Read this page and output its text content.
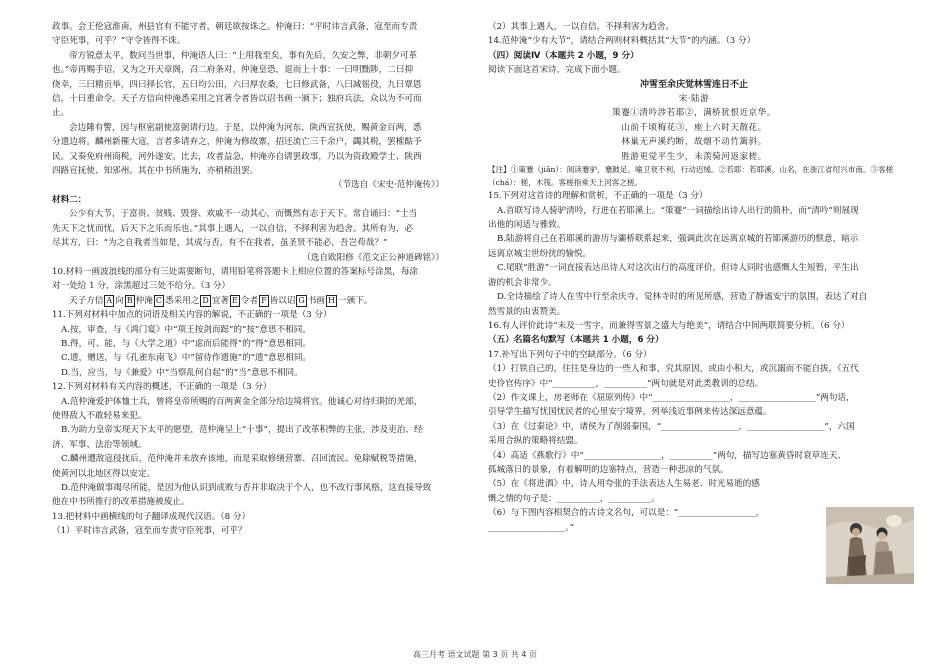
政事。会王伦寇淮南，州县官有不能守者，朝廷欲按诛之。仲淹曰：“平时讳言武备，寇至而专责
守臣死事，可乎？”守令皆得不诛。
帝方锐意太平，数问当世事，仲淹语人曰：“上用我至矣，事有先后，久安之弊，非朝夕可革
也。”帝再赐手诏，又为之开天章阁，召二府条对，仲淹皇恐，退而上十事：一曰明黜陟，二曰抑
侥幸，三曰精贡举，四曰择长官，五曰均公田，六曰厚农桑，七曰修武备，八曰减徭役，九曰覃恩
信，十曰重命令。天子方信向仲淹悉采用之宜著令者皆以诏书画一颁下；独府兵法，众以为不可而
止。
会边陲有警，因与枢密副使富弼请行边。于是，以仲淹为河东、陕西宣抚使，赐黄金百两，悉
分遗边将。麟州新罹大寇，言者多请弃之，仲淹为修故寨，招还流亡三千余户，蠲其税，罢榷酤予
民。又奏免府州商税，河外遂安。比去，攻者益急，仲淹亦自请罢政事，乃以为资政殿学士、陕西
四路宣抚使、知邠州。其在中书所施为，亦稍稍沮罢。
（节选自《宋史·范仲淹传》）
材料二：
公少有大节，于富贵、贫贱、毁誉、欢戚不一动其心，而慨然有志于天下。常自诵曰：“士当
先天下之忧而忧，后天下之乐而乐也。”其事上遇人，一以自信，不择利害为趋舍。其所有为，必
尽其方，曰：“为之自我者当如是，其成与否，有不在我者，虽圣贤不能必，吾岂苟哉？”
（选自欧阳修《范文正公神道碑铭》）
10.材料一画波浪线的部分有三处需要断句，请用铅笔将答题卡上相应位置的答案标号涂黑，每涂
对一处给 1 分，涂黑超过三处不给分。（3 分）
天子方信 A 向 B 仲淹 C 悉采用之 D 宜著 E 令者 F 皆以诏 G 书画 H 一颁下。
11.下列对材料中加点的词语及相关内容的解说，不正确的一项是（3 分）
A.按，审查，与《鸿门宴》中“项王按剑而跽”的“按”意思不相同。
B.得，可、能，与《大学之道》中“虑而后能得”的“得”意思相同。
C.遗，赠送，与《孔雀东南飞》中“留待作遗施”的“遗”意思相同。
D.当，应当，与《兼爱》中“当察乱何自起”的“当”意思不相同。
12.下列对材料有关内容的概述，不正确的一项是（3 分）
A.范仲淹爱护体恤士兵，曾将皇帝所赐的百两黄金全部分给边境将官。他诚心对待归附的羌部，
使得敌人不敢轻易来犯。
B.为助力皇帝实现天下太平的愿望，范仲淹呈上“十事”，提出了改革积弊的主张，涉及吏治、经
济、军事、法治等领域。
C.麟州遭敌寇侵扰后，范仲淹并未放弃该地，而是采取修缮营寨、召回流民、免除赋税等措施，
使黄河以北地区得以安定。
D.范仲淹做事竭尽所能，是因为他认识到成败与否并非取决于个人，也不改行事风格，这直接导致
他在中书所推行的改革措施被废止。
13.把材料中画横线的句子翻译成现代汉语。（8 分）
（1）平时讳言武备，寇至而专责守臣死事，可乎？
（2）其事上遇人，一以自信，不择利害为趋舍。
14.范仲淹“少有大节”，请结合两则材料概括其“大节”的内涵。（3 分）
（四）阅读Ⅳ（本题共 2 小题，9 分）
阅读下面这首宋诗，完成下面小题。
冲雪至余庆觉林雪连日不止
宋·陆游
策蹇①清吟涉若耶②，满桥犹恨近京华。
山前千顷梅花③，座上六时天散花。
林巢无声溪约断，故烟不动竹篱斜。
胜游更觉平生少，未羡骑河返家槎。
【注】①策蹇（jiǎn）：阅读蹇驴，蹇跛足。喻卫衰不利，行动迟缓。②若耶：若耶溪，山名，在浙江省绍兴市南。③客槎
（chá）：槎，木筏。客槎指乘天上河客之槎。
15.下列对这首诗的理解和赏析，不正确的一项是（3 分）
A.首联写诗人骑驴清吟，行进在若耶溪上。“策蹇”一词描绘出诗人出行的简朴，而“清吟”则展现
出他的闲适与雅致。
B.陆游将自己在若耶溪的游历与灞桥联系起来，强调此次在远离京城的若耶溪游历的惬意，暗示
远离京城尘世纷扰的愉悦。
C.尾联“胜游”一词直接表达出诗人对这次出行的高度评价，但诗人同时也感慨人生短暂，平生出
游的机会非常少。
D.全诗描绘了诗人在雪中行至余庆寺、觉林寺时的所见所感，营造了静谧安宁的氛围，表达了对自
然雪景的由衷赞美。
16.有人评价此诗“未及一雪字，而兼得雪景之盛大与绝美”，请结合中间两联简要分析。（6 分）
（五）名篇名句默写（本题共 1 小题，6 分）
17.补写出下列句子中的空缺部分。（6 分）
（1）打铁自己的，往往是身边的一些人和事，究其原因，或由小积大，或沉溺而不能自拔，《五代
史伶官传序》中“__________，__________”两句就是对此类教训的总结。
（2）作文课上，房老师在《屈原列传》中“__________________，__________________”两句话，
引导学生描写忧国忧民者的心里安宁境界，列举浅近事例来传达深远意蕴。
（3）在《过秦论》中，诸侯为了削弱秦国，“__________________，__________________”，六国
采用合纵的策略将结盟。
（4）高适《燕歌行》中“__________________，__________”两句，描写边塞黄昏时衰草连天、
孤城落日的景象，有着解明的边塞特点，营造一种悲凉的气氛。
（5）在《将进酒》中，诗人用夸张的手法表达人生易老、时光易逝的感
慨之情的句子是：__________，__________。
（6）与下图内容相契合的古诗文名句，可以是：“__________________，
__________________。”
高三月考 语文试题 第 3 页 共 4 页
